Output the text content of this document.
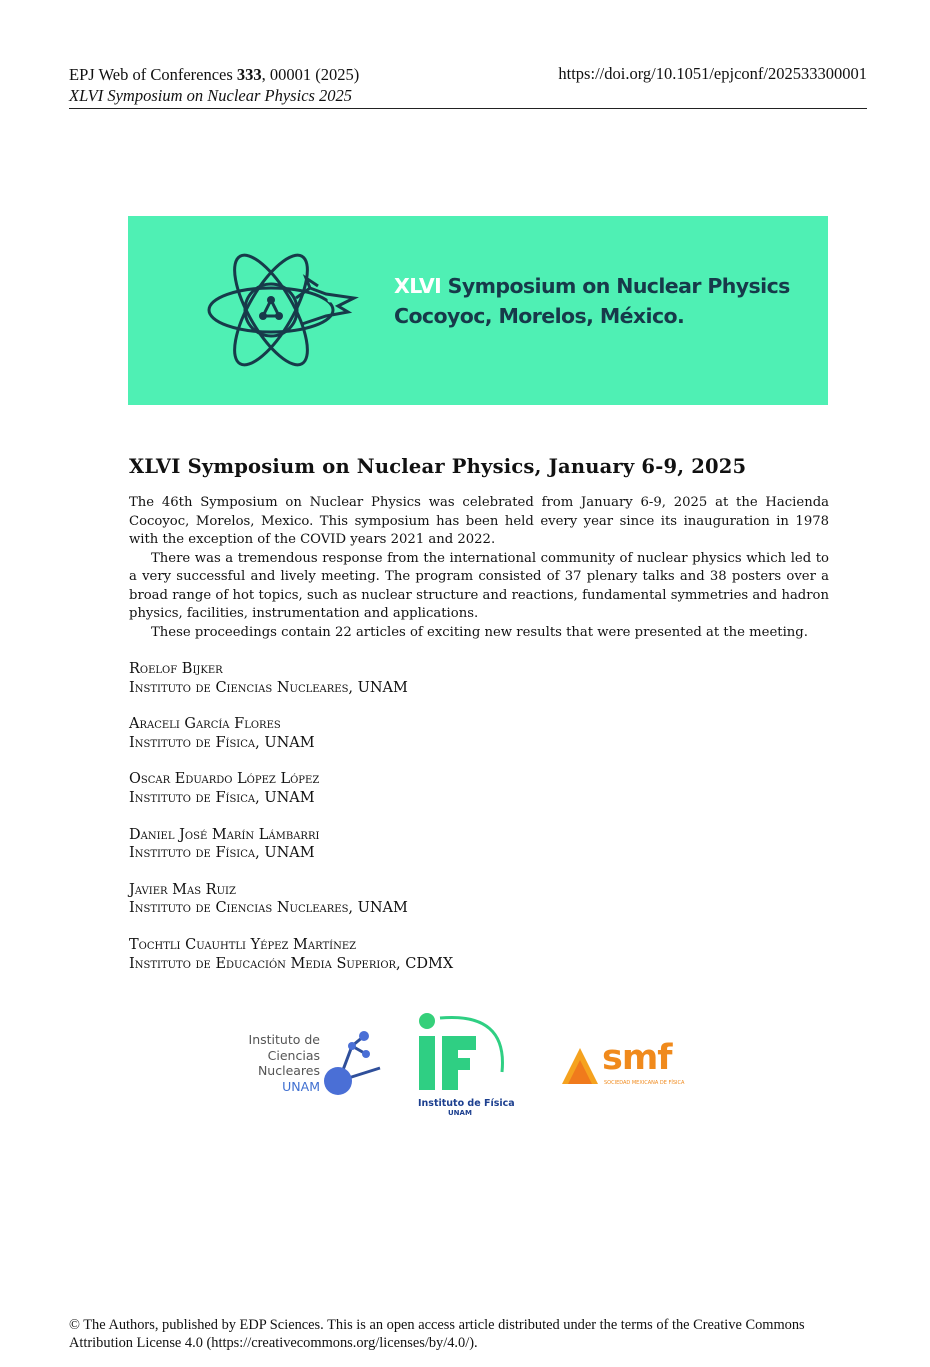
EPJ Web of Conferences 333, 00001 (2025)
XLVI Symposium on Nuclear Physics 2025
https://doi.org/10.1051/epjconf/202533300001
XLVI Symposium on Nuclear Physics
Cocoyoc, Morelos, México.
XLVI Symposium on Nuclear Physics, January 6-9, 2025

The 46th Symposium on Nuclear Physics was celebrated from January 6-9, 2025 at the Hacienda Cocoyoc, Morelos, Mexico. This symposium has been held every year since its inauguration in 1978 with the exception of the COVID years 2021 and 2022.

There was a tremendous response from the international community of nuclear physics which led to a very successful and lively meeting. The program consisted of 37 plenary talks and 38 posters over a broad range of hot topics, such as nuclear structure and reactions, fundamental symmetries and hadron physics, facilities, instrumentation and applications.

These proceedings contain 22 articles of exciting new results that were presented at the meeting.

Roelof Bijker
Instituto de Ciencias Nucleares, UNAM
Araceli García Flores
Instituto de Física, UNAM
Oscar Eduardo López López
Instituto de Física, UNAM
Daniel José Marín Lámbarri
Instituto de Física, UNAM
Javier Mas Ruiz
Instituto de Ciencias Nucleares, UNAM
Tochtli Cuauhtli Yépez Martínez
Instituto de Educación Media Superior, CDMX
Instituto de
Ciencias
Nucleares
UNAM
Instituto de Física
UNAM
smf
SOCIEDAD MEXICANA DE FÍSICA
© The Authors, published by EDP Sciences. This is an open access article distributed under the terms of the Creative Commons Attribution License 4.0 (https://creativecommons.org/licenses/by/4.0/).
